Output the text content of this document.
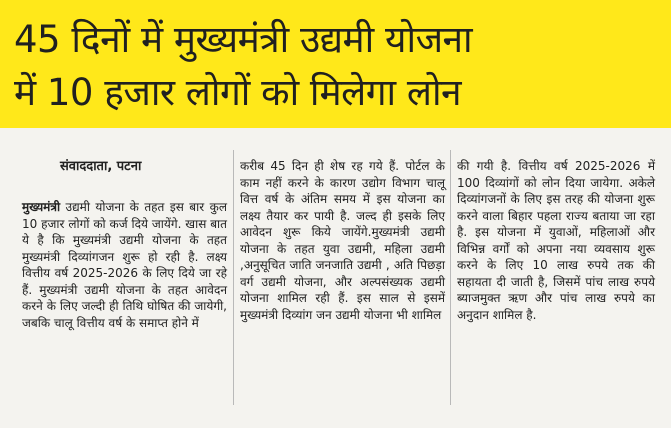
45 दिनों में मुख्यमंत्री उद्यमी योजना
में 10 हजार लोगों को मिलेगा लोन
संवाददाता, पटना

मुख्यमंत्री उद्यमी योजना के तहत इस बार कुल 10 हजार लोगों को कर्ज दिये जायेंगे. खास बात ये है कि मुख्यमंत्री उद्यमी योजना के तहत मुख्यमंत्री दिव्यांगजन शुरू हो रही है. लक्ष्य वित्तीय वर्ष 2025-2026 के लिए दिये जा रहे हैं. मुख्यमंत्री उद्यमी योजना के तहत आवेदन करने के लिए जल्दी ही तिथि घोषित की जायेगी, जबकि चालू वित्तीय वर्ष के समाप्त होने में

करीब 45 दिन ही शेष रह गये हैं. पोर्टल के काम नहीं करने के कारण उद्योग विभाग चालू वित्त वर्ष के अंतिम समय में इस योजना का लक्ष्य तैयार कर पायी है. जल्द ही इसके लिए आवेदन शुरू किये जायेंगे.मुख्यमंत्री उद्यमी योजना के तहत युवा उद्यमी, महिला उद्यमी ,अनुसूचित जाति जनजाति उद्यमी , अति पिछड़ा वर्ग उद्यमी योजना, और अल्पसंख्यक उद्यमी योजना शामिल रही हैं. इस साल से इसमें मुख्यमंत्री दिव्यांग जन उद्यमी योजना भी शामिल

की गयी है. वित्तीय वर्ष 2025-2026 में 100 दिव्यांगों को लोन दिया जायेगा. अकेले दिव्यांगजनों के लिए इस तरह की योजना शुरू करने वाला बिहार पहला राज्य बताया जा रहा है. इस योजना में युवाओं, महिलाओं और विभिन्न वर्गों को अपना नया व्यवसाय शुरू करने के लिए 10 लाख रुपये तक की सहायता दी जाती है, जिसमें पांच लाख रुपये ब्याजमुक्त ऋण और पांच लाख रुपये का अनुदान शामिल है.
